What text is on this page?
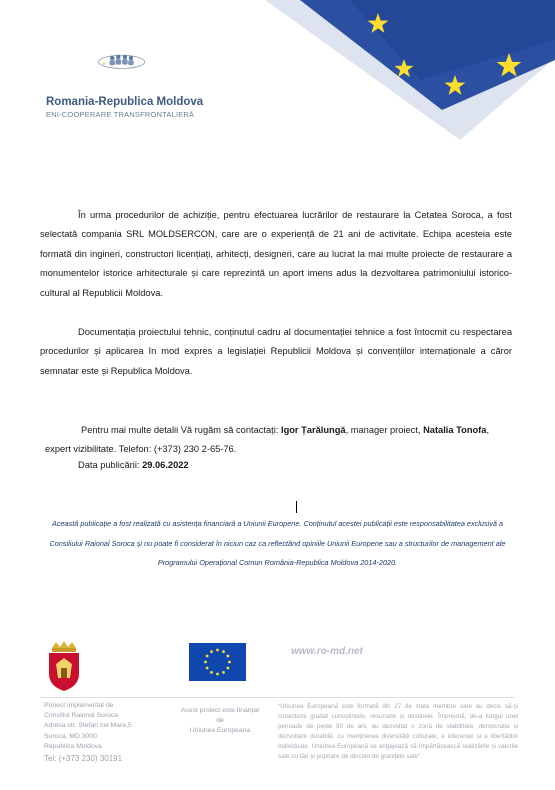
Romania-Republica Moldova
ENI-COOPERARE TRANSFRONTALIERĂ
În urma procedurilor de achiziție, pentru efectuarea lucrărilor de restaurare la Cetatea Soroca, a fost selectată compania SRL MOLDSERCON, care are o experiență de 21 ani de activitate. Echipa acesteia este formată din ingineri, constructori licențiați, arhitecți, designeri, care au lucrat la mai multe proiecte de restaurare a monumentelor istorice arhitecturale și care reprezintă un aport imens adus la dezvoltarea patrimoniului istorico-cultural al Republicii Moldova.
Documentația proiectului tehnic, conținutul cadru al documentației tehnice a fost întocmit cu respectarea procedurilor și aplicarea în mod expres a legislației Republicii Moldova și convențiilor internaționale a căror semnatar este și Republica Moldova.
Pentru mai multe detalii Vă rugăm să contactați: Igor Țarălungă, manager proiect, Natalia Tonofa, expert vizibilitate. Telefon: (+373) 230 2-65-76.
Data publicării: 29.06.2022
Această publicație a fost realizată cu asistența financiară a Uniunii Europene. Conținutul acestei publicații este responsabilitatea exclusivă a Consiliului Raional Soroca și nu poate fi considerat în niciun caz ca reflectând opiniile Uniunii Europene sau a structurilor de management ale Programului Operațional Comun România-Republica Moldova 2014-2020.
www.ro-md.net
Proiect implementat de
Consiliul Raional Soroca
Adresa str. Ștefan cel Mare,5
Soroca, MD 3000
Republica Moldova
Tel: (+373 230) 30191
Acest proiect este finanțat
de
Uniunea Europeana
“Uniunea Europeană este formată din 27 de state membre care au decis să-și conecteze gradat cunoștințele, resursele și destinele. Împreună, de-a lungul unei perioade de peste 50 de ani, au dezvoltat o zonă de stabilitate, democrație și dezvoltare durabilă, cu menținerea diversității culturale, a toleranței și a libertăților individuale. Uniunea Europeană se angajează să împărtășească realizările și valorile sale cu țări și popoare de dincolo de granițele sale”.
